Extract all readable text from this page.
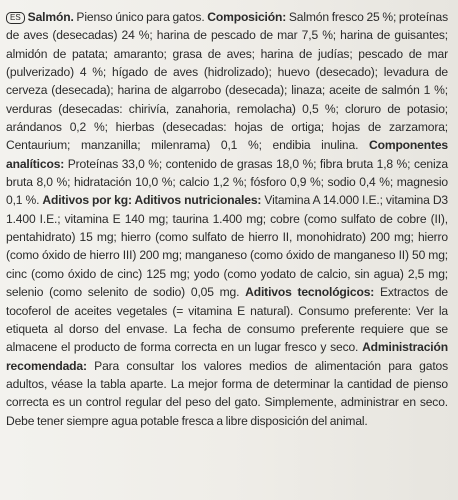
ES Salmón. Pienso único para gatos. Composición: Salmón fresco 25 %; proteínas de aves (desecadas) 24 %; harina de pescado de mar 7,5 %; harina de guisantes; almidón de patata; amaranto; grasa de aves; harina de judías; pescado de mar (pulverizado) 4 %; hígado de aves (hidrolizado); huevo (desecado); levadura de cerveza (desecada); harina de algarrobo (desecada); linaza; aceite de salmón 1 %; verduras (desecadas: chirivía, zanahoria, remolacha) 0,5 %; cloruro de potasio; arándanos 0,2 %; hierbas (desecadas: hojas de ortiga; hojas de zarzamora; Centaurium; manzanilla; milenrama) 0,1 %; endibia inulina. Componentes analíticos: Proteínas 33,0 %; contenido de grasas 18,0 %; fibra bruta 1,8 %; ceniza bruta 8,0 %; hidratación 10,0 %; calcio 1,2 %; fósforo 0,9 %; sodio 0,4 %; magnesio 0,1 %. Aditivos por kg: Aditivos nutricionales: Vitamina A 14.000 I.E.; vitamina D3 1.400 I.E.; vitamina E 140 mg; taurina 1.400 mg; cobre (como sulfato de cobre (II), pentahidrato) 15 mg; hierro (como sulfato de hierro II, monohidrato) 200 mg; hierro (como óxido de hierro III) 200 mg; manganeso (como óxido de manganeso II) 50 mg; cinc (como óxido de cinc) 125 mg; yodo (como yodato de calcio, sin agua) 2,5 mg; selenio (como selenito de sodio) 0,05 mg. Aditivos tecnológicos: Extractos de tocoferol de aceites vegetales (= vitamina E natural). Consumo preferente: Ver la etiqueta al dorso del envase. La fecha de consumo preferente requiere que se almacene el producto de forma correcta en un lugar fresco y seco. Administración recomendada: Para consultar los valores medios de alimentación para gatos adultos, véase la tabla aparte. La mejor forma de determinar la cantidad de pienso correcta es un control regular del peso del gato. Simplemente, administrar en seco. Debe tener siempre agua potable fresca a libre disposición del animal.
